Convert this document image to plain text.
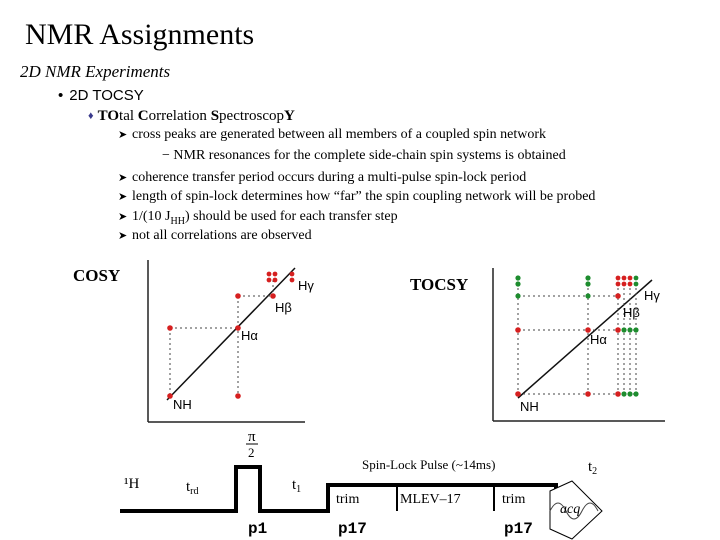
NMR Assignments
2D NMR Experiments
• 2D TOCSY
♦ TOtal Correlation SpectroscopY
➤ cross peaks are generated between all members of a coupled spin network
− NMR resonances for the complete side-chain spin systems is obtained
➤ coherence transfer period occurs during a multi-pulse spin-lock period
➤ length of spin-lock determines how “far” the spin coupling network will be probed
➤ 1/(10 $J_{HH}$) should be used for each transfer step
➤ not all correlations are observed
COSY	TOCSY
Hγ
Hβ
Hα
NH
Hγ
Hβ
Hα
NH
π
2
¹H	$t_{rd}$	$t_1$
Spin-Lock Pulse (~14ms)	$t_2$
trim	MLEV–17	trim
acq
p1	p17	p17
